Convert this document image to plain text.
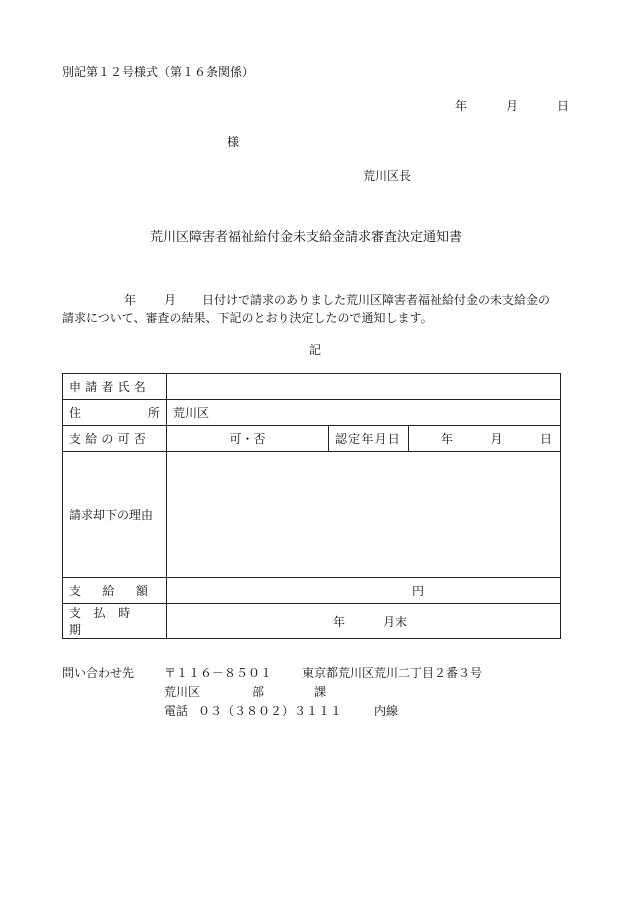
別記第１２号様式（第１６条関係）
年	月	日
様
荒川区長
荒川区障害者福祉給付金未支給金請求審査決定通知書
年 月 日付けで請求のありました荒川区障害者福祉給付金の未支給金の
請求について、審査の結果、下記のとおり決定したので通知します。
記
申請者氏名			

住 所	荒川区		
支給の可否	可・否	認定年月日	年 月 日

請求却下の理由			

支 給 額	円		

支払時期	年 月末		
問い合わせ先	〒１１６－８５０１	東京都荒川区荒川二丁目２番３号
荒川区	部	課
電話 ０３（３８０２）３１１１	内線
